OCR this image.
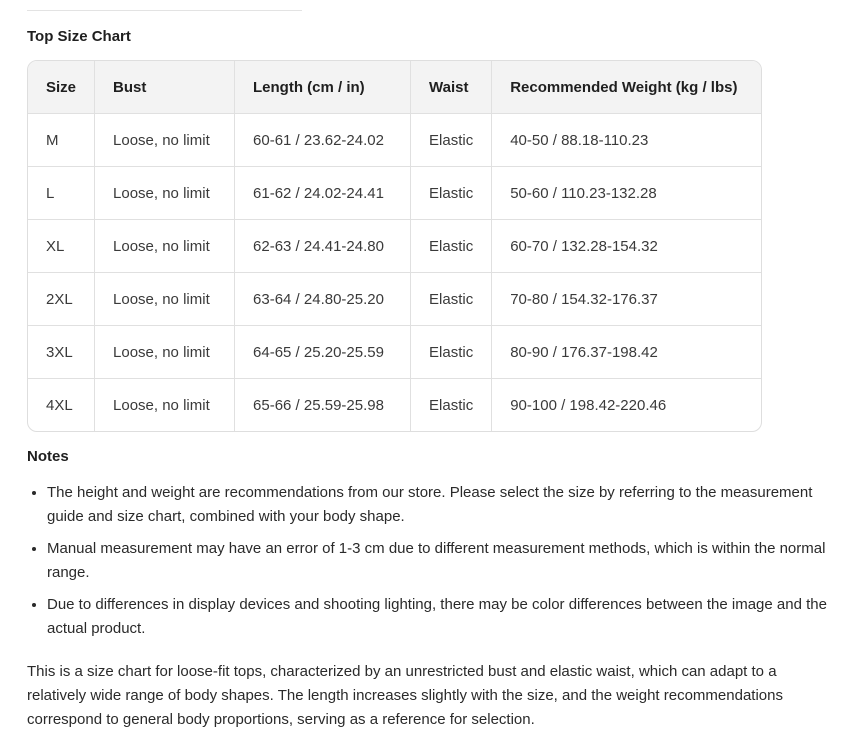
Top Size Chart
Size	Bust	Length (cm / in)	Waist	Recommended Weight (kg / lbs)
M	Loose, no limit	60-61 / 23.62-24.02	Elastic	40-50 / 88.18-110.23
L	Loose, no limit	61-62 / 24.02-24.41	Elastic	50-60 / 110.23-132.28
XL	Loose, no limit	62-63 / 24.41-24.80	Elastic	60-70 / 132.28-154.32
2XL	Loose, no limit	63-64 / 24.80-25.20	Elastic	70-80 / 154.32-176.37
3XL	Loose, no limit	64-65 / 25.20-25.59	Elastic	80-90 / 176.37-198.42
4XL	Loose, no limit	65-66 / 25.59-25.98	Elastic	90-100 / 198.42-220.46
Notes
• The height and weight are recommendations from our store. Please select the size by referring to the measurement guide and size chart, combined with your body shape.
• Manual measurement may have an error of 1-3 cm due to different measurement methods, which is within the normal range.
• Due to differences in display devices and shooting lighting, there may be color differences between the image and the actual product.

This is a size chart for loose-fit tops, characterized by an unrestricted bust and elastic waist, which can adapt to a relatively wide range of body shapes. The length increases slightly with the size, and the weight recommendations correspond to general body proportions, serving as a reference for selection.
